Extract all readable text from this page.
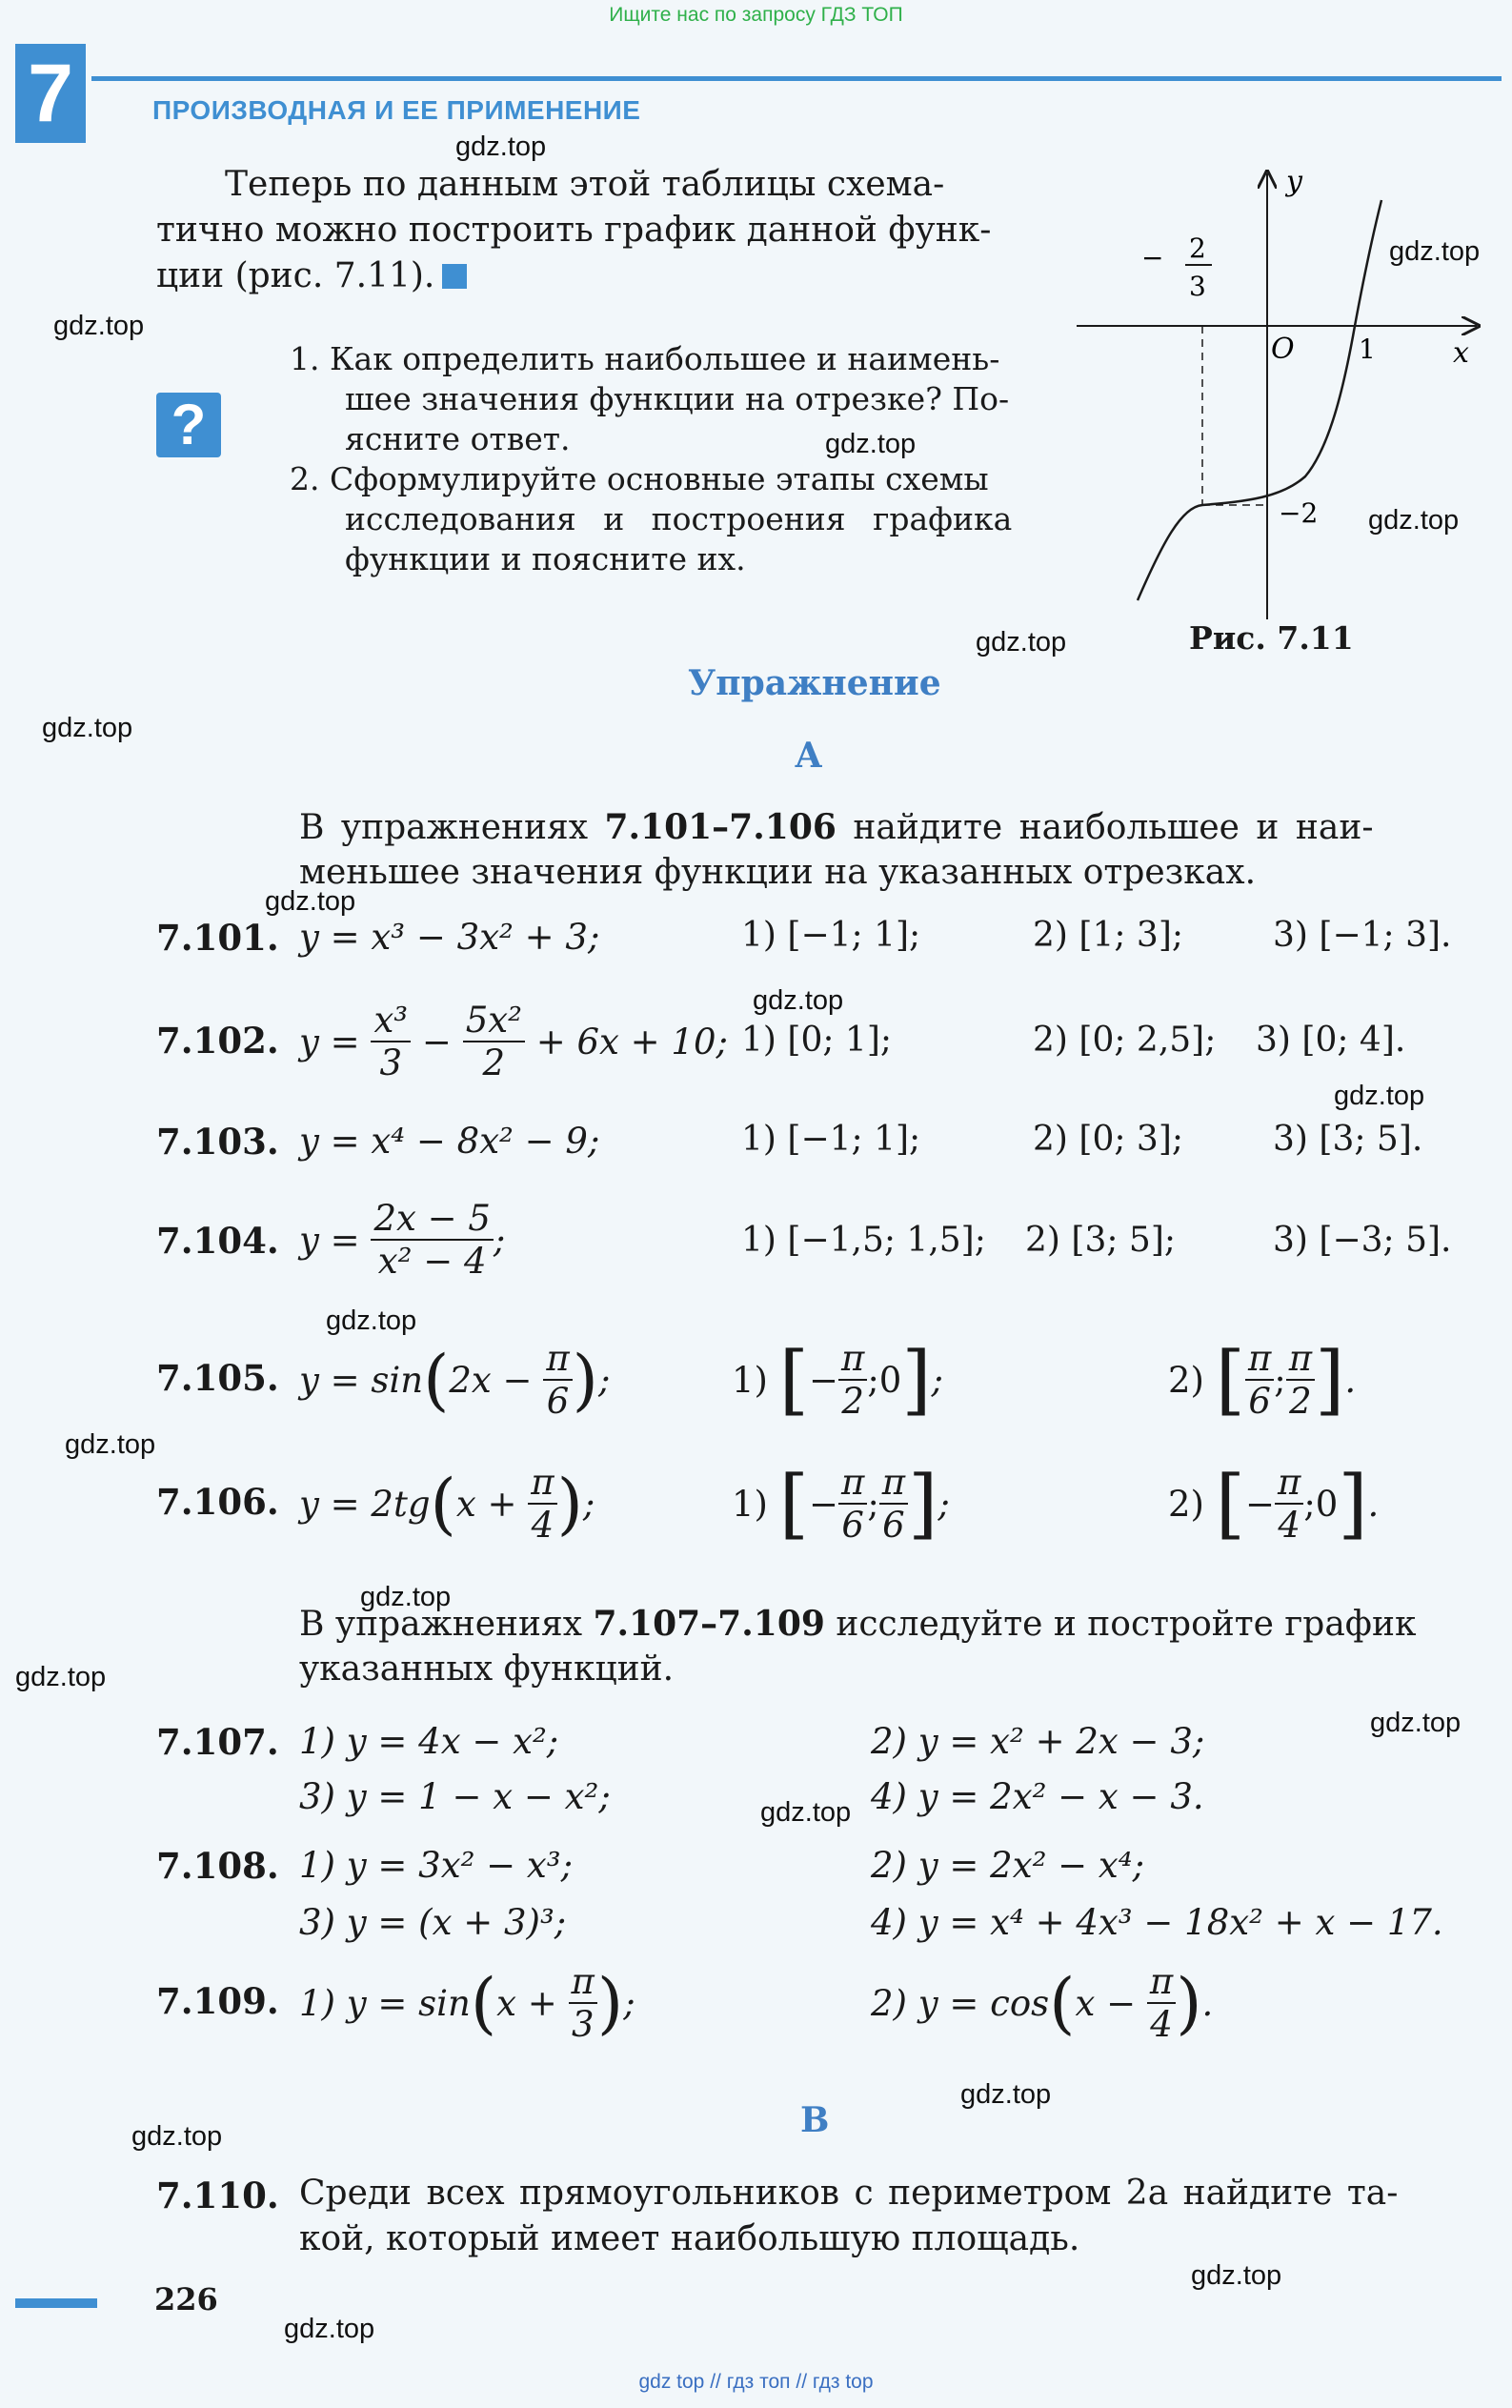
Ищите нас по запросу ГДЗ ТОП
gdz top // гдз топ // гдз top
7	ПРОИЗВОДНАЯ И ЕЕ ПРИМЕНЕНИЕ
gdz.top
gdz.top
gdz.top
gdz.top
gdz.top
gdz.top
gdz.top
gdz.top
gdz.top
gdz.top
gdz.top
gdz.top
gdz.top
gdz.top
gdz.top
gdz.top
gdz.top
gdz.top
gdz.top
gdz.top
Теперь по данным этой таблицы схема-
тично можно построить график данной функ-
ции (рис. 7.11).
?
1. Как определить наибольшее и наимень-
шее значения функции на отрезке? По-
ясните ответ.
2. Сформулируйте основные этапы схемы
исследования и построения графика
функции и поясните их.
y
x
O 1
− 2
3
−2
Рис. 7.11
Упражнение
А
В упражнениях 7.101–7.106 найдите наибольшее и наи-
меньшее значения функции на указанных отрезках.
7.101. y = x³ − 3x² + 3;	1) [−1; 1];	2) [1; 3];	3) [−1; 3].
7.102. y =
$\frac{\text{x³}}{3}$
−
$\frac{\text{5x²}}{2}$
+ 6x + 10; 1) [0; 1];	2) [0; 2,5]; 3) [0; 4].
7.103. y = x⁴ − 8x² − 9;	1) [−1; 1];	2) [0; 3];	3) [3; 5].
7.104. y =
$\frac{2x - 5}{\text{x² − 4}}$ ;	1) [−1,5; 1,5]; 2) [3; 5];	3) [−3; 5].
7.105. y = sin ( 2x −
$\frac{\pi}{6}$ ) ;	1)
[ − $\frac{\pi}{2}$ ;0 ] ;	2)
[ $\frac{\pi}{6}$ ; $\frac{\pi}{2}$ ] .
7.106. y = 2tg ( x +
$\frac{\pi}{4}$ ) ;	1)
[ − $\frac{\pi}{6}$ ; $\frac{\pi}{6}$ ] ;	2)
[ − $\frac{\pi}{4}$ ;0 ] .
В упражнениях 7.107–7.109 исследуйте и постройте график
указанных функций.
7.107. 1) y = 4x − x²;	2) y = x² + 2x − 3;
3) y = 1 − x − x²;	4) y = 2x² − x − 3.
7.108. 1) y = 3x² − x³;	2) y = 2x² − x⁴;
3) y = (x + 3)³;	4) y = x⁴ + 4x³ − 18x² + x − 17.
7.109. 1) y = sin ( x +
$\frac{\pi}{3}$ ) ;	2) y = cos ( x −
$\frac{\pi}{4}$ ) .
В
7.110. Среди всех прямоугольников с периметром 2a найдите та-
кой, который имеет наибольшую площадь.
226
